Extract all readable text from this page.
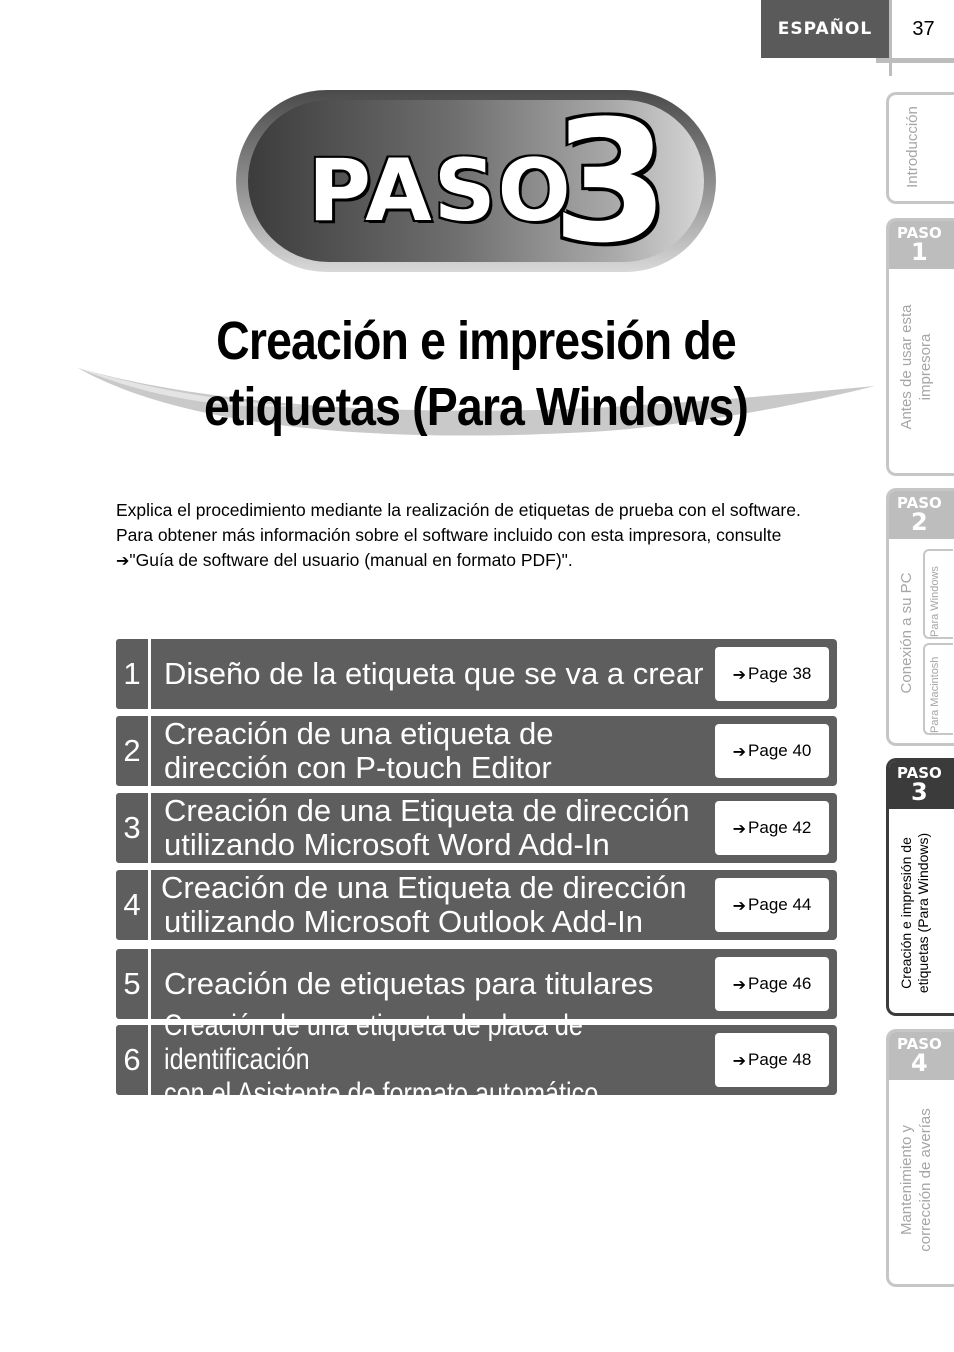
ESPAÑOL	37
PASO
3
Creación e impresión de
etiquetas (Para Windows)

Explica el procedimiento mediante la realización de etiquetas de prueba con el software.

Para obtener más información sobre el software incluido con esta impresora, consulte ➔"Guía de software del usuario (manual en formato PDF)".

1 Diseño de la etiqueta que se va a crear ➔ Page 38
2 Creación de una etiqueta de
dirección con P-touch Editor	➔ Page 40
3 Creación de una Etiqueta de dirección
utilizando Microsoft Word Add-In	➔ Page 42
4 Creación de una Etiqueta de dirección
utilizando Microsoft Outlook Add-In	➔ Page 44
5 Creación de etiquetas para titulares	➔ Page 46
6
Creación de una etiqueta de placa de identificación
con el Asistente de formato automático
➔ Page 48
Introducción
PASO
1
Antes de usar esta impresora
PASO
2
Conexión a su PC Para Windows
Para Macintosh
PASO
3
Creación e impresión de etiquetas (Para Windows)
PASO
4
Mantenimiento y corrección de averías
